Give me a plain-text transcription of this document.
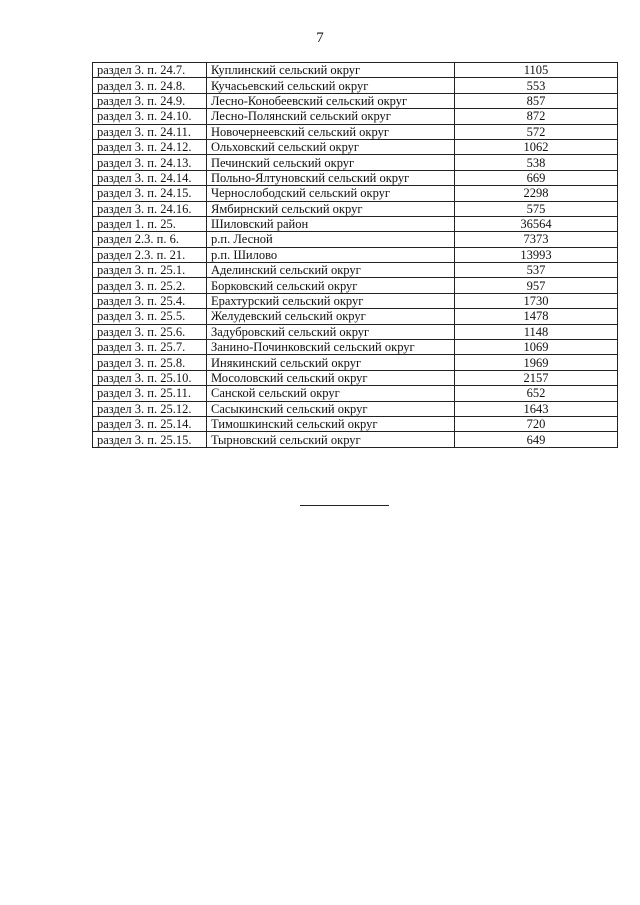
7
раздел 3. п. 24.7.	Куплинский сельский округ	1105
раздел 3. п. 24.8.	Кучасьевский сельский округ	553
раздел 3. п. 24.9.	Лесно-Конобеевский сельский округ	857
раздел 3. п. 24.10.	Лесно-Полянский сельский округ	872
раздел 3. п. 24.11.	Новочернеевский сельский округ	572
раздел 3. п. 24.12.	Ольховский сельский округ	1062
раздел 3. п. 24.13.	Печинский сельский округ	538
раздел 3. п. 24.14.	Польно-Ялтуновский сельский округ	669
раздел 3. п. 24.15.	Чернослободский сельский округ	2298
раздел 3. п. 24.16.	Ямбирнский сельский округ	575
раздел 1. п. 25.	Шиловский район	36564
раздел 2.3. п. 6.	р.п. Лесной	7373
раздел 2.3. п. 21.	р.п. Шилово	13993
раздел 3. п. 25.1.	Аделинский сельский округ	537
раздел 3. п. 25.2.	Борковский сельский округ	957
раздел 3. п. 25.4.	Ерахтурский сельский округ	1730
раздел 3. п. 25.5.	Желудевский сельский округ	1478
раздел 3. п. 25.6.	Задубровский сельский округ	1148
раздел 3. п. 25.7.	Занино-Починковский сельский округ	1069
раздел 3. п. 25.8.	Инякинский сельский округ	1969
раздел 3. п. 25.10.	Мосоловский сельский округ	2157
раздел 3. п. 25.11.	Санской сельский округ	652
раздел 3. п. 25.12.	Сасыкинский сельский округ	1643
раздел 3. п. 25.14.	Тимошкинский сельский округ	720
раздел 3. п. 25.15.	Тырновский сельский округ	649
